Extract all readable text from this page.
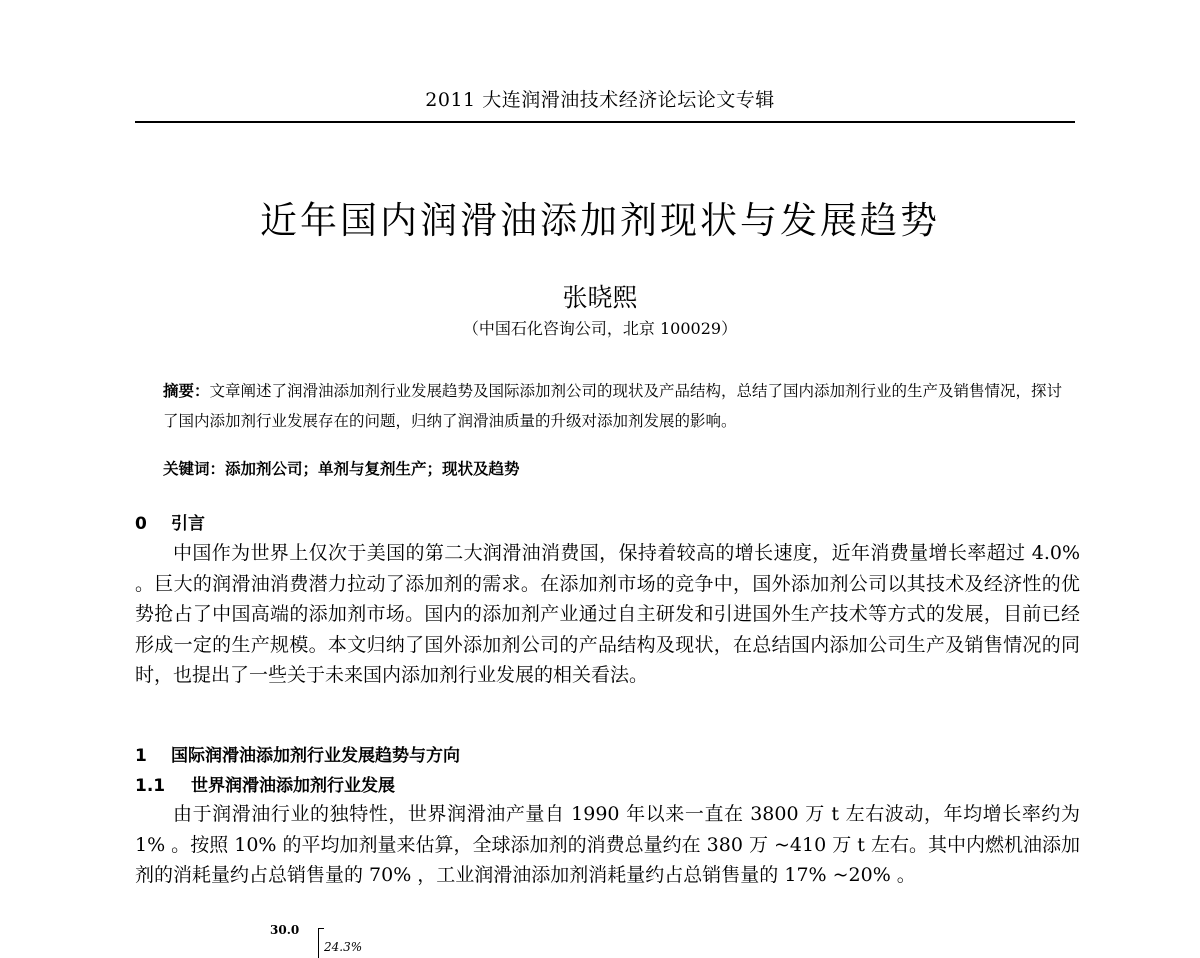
2011 大连润滑油技术经济论坛论文专辑
近年国内润滑油添加剂现状与发展趋势
张晓熙
（中国石化咨询公司，北京 100029）
摘要：文章阐述了润滑油添加剂行业发展趋势及国际添加剂公司的现状及产品结构，总结了国内添加剂行业的生产及销售情况，探讨了国内添加剂行业发展存在的问题，归纳了润滑油质量的升级对添加剂发展的影响。
关键词：添加剂公司；单剂与复剂生产；现状及趋势
0 引言
中国作为世界上仅次于美国的第二大润滑油消费国，保持着较高的增长速度，近年消费量增长率超过 4.0% 。巨大的润滑油消费潜力拉动了添加剂的需求。在添加剂市场的竞争中，国外添加剂公司以其技术及经济性的优势抢占了中国高端的添加剂市场。国内的添加剂产业通过自主研发和引进国外生产技术等方式的发展，目前已经形成一定的生产规模。本文归纳了国外添加剂公司的产品结构及现状，在总结国内添加公司生产及销售情况的同时，也提出了一些关于未来国内添加剂行业发展的相关看法。
1 国际润滑油添加剂行业发展趋势与方向
1.1 世界润滑油添加剂行业发展
由于润滑油行业的独特性，世界润滑油产量自 1990 年以来一直在 3800 万 t 左右波动，年均增长率约为 1% 。按照 10% 的平均加剂量来估算，全球添加剂的消费总量约在 380 万 ~410 万 t 左右。其中内燃机油添加剂的消耗量约占总销售量的 70% ，工业润滑油添加剂消耗量约占总销售量的 17% ~20% 。
30.0
24.3%
